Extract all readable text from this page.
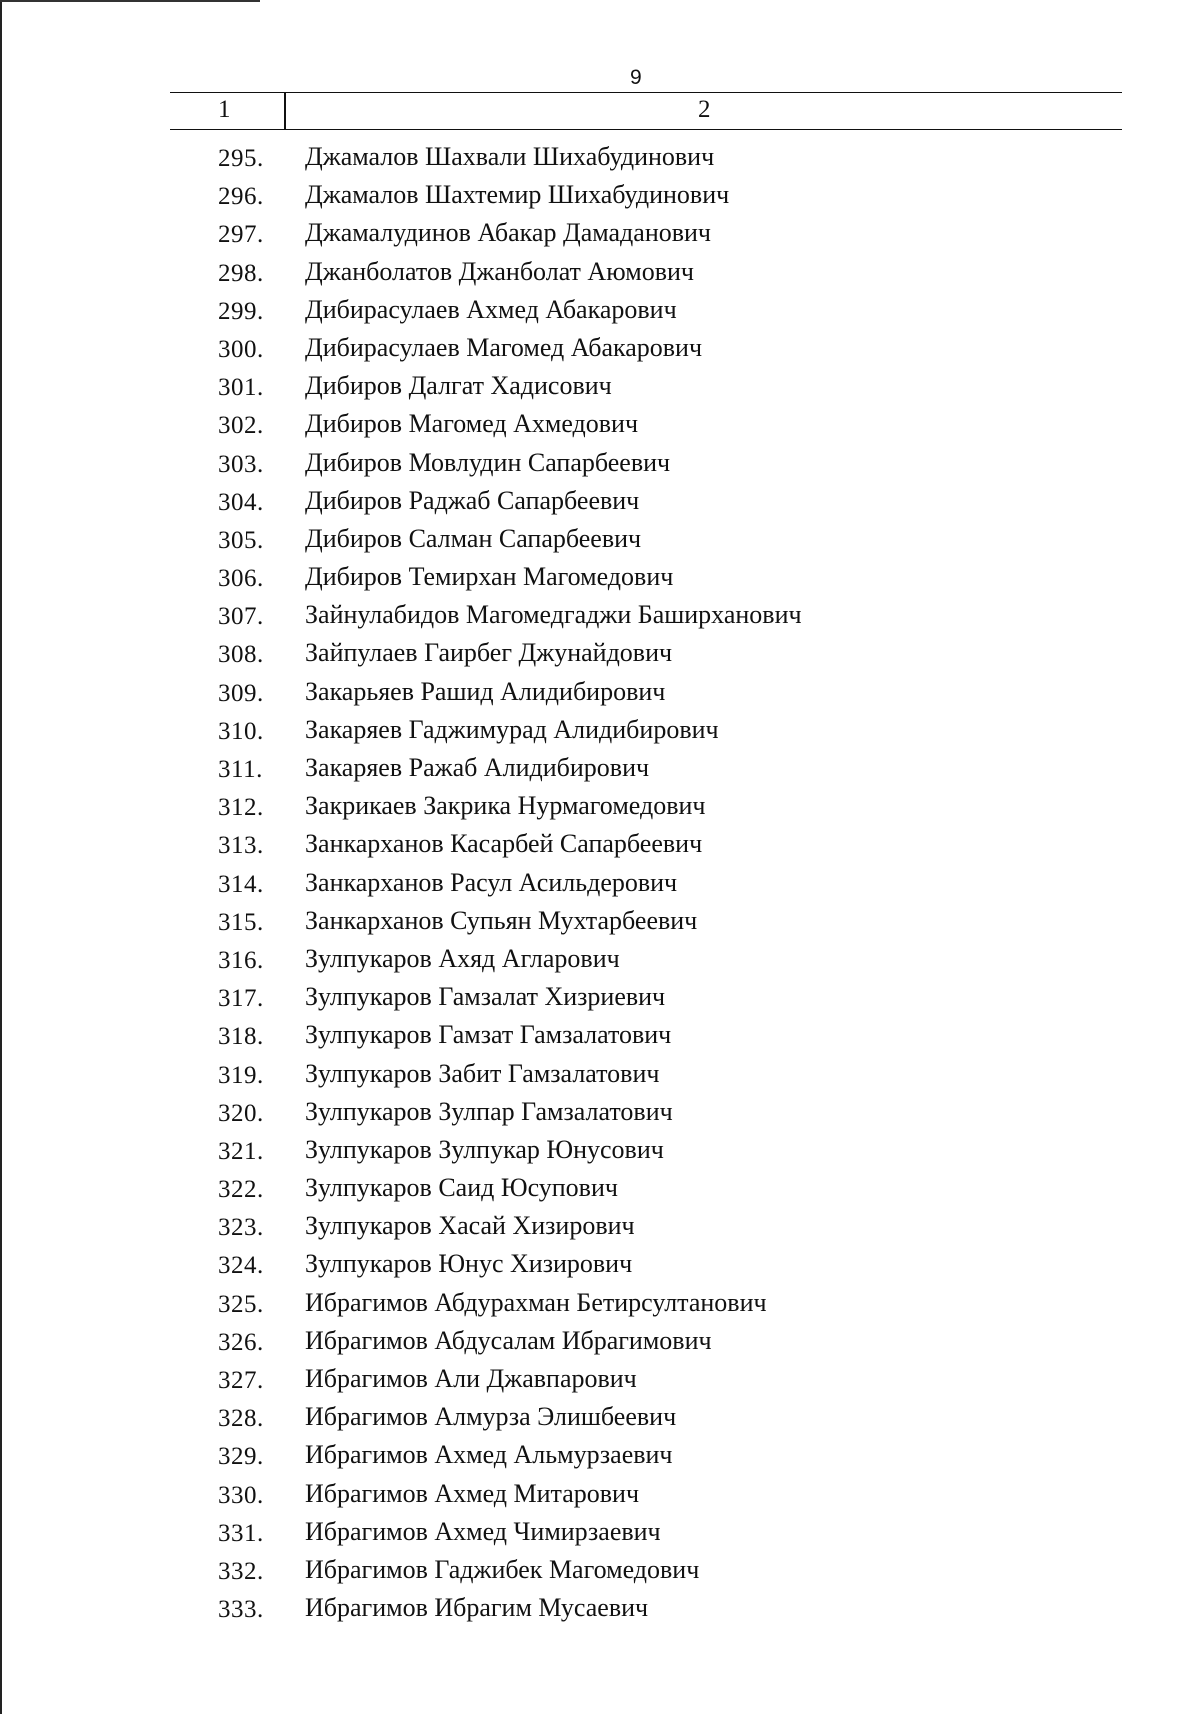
9
1	2
295. Джамалов Шахвали Шихабудинович
296. Джамалов Шахтемир Шихабудинович
297. Джамалудинов Абакар Дамаданович
298. Джанболатов Джанболат Аюмович
299. Дибирасулаев Ахмед Абакарович
300. Дибирасулаев Магомед Абакарович
301. Дибиров Далгат Хадисович
302. Дибиров Магомед Ахмедович
303. Дибиров Мовлудин Сапарбеевич
304. Дибиров Раджаб Сапарбеевич
305. Дибиров Салман Сапарбеевич
306. Дибиров Темирхан Магомедович
307. Зайнулабидов Магомедгаджи Баширханович
308. Зайпулаев Гаирбег Джунайдович
309. Закарьяев Рашид Алидибирович
310. Закаряев Гаджимурад Алидибирович
311. Закаряев Ражаб Алидибирович
312. Закрикаев Закрика Нурмагомедович
313. Занкарханов Касарбей Сапарбеевич
314. Занкарханов Расул Асильдерович
315. Занкарханов Супьян Мухтарбеевич
316. Зулпукаров Ахяд Агларович
317. Зулпукаров Гамзалат Хизриевич
318. Зулпукаров Гамзат Гамзалатович
319. Зулпукаров Забит Гамзалатович
320. Зулпукаров Зулпар Гамзалатович
321. Зулпукаров Зулпукар Юнусович
322. Зулпукаров Саид Юсупович
323. Зулпукаров Хасай Хизирович
324. Зулпукаров Юнус Хизирович
325. Ибрагимов Абдурахман Бетирсултанович
326. Ибрагимов Абдусалам Ибрагимович
327. Ибрагимов Али Джавпарович
328. Ибрагимов Алмурза Элишбеевич
329. Ибрагимов Ахмед Альмурзаевич
330. Ибрагимов Ахмед Митарович
331. Ибрагимов Ахмед Чимирзаевич
332. Ибрагимов Гаджибек Магомедович
333. Ибрагимов Ибрагим Мусаевич
